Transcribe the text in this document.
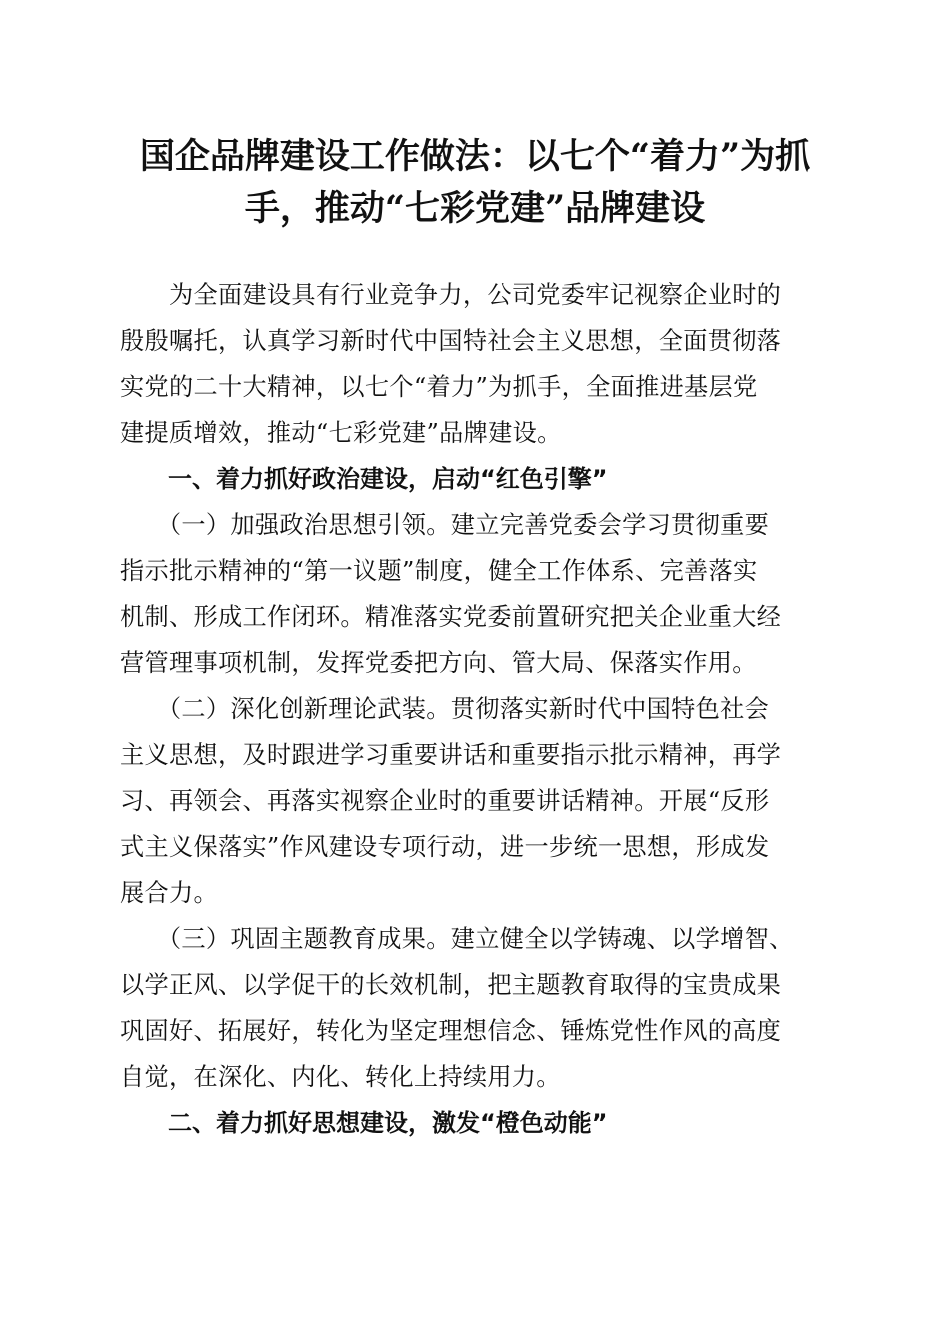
国企品牌建设工作做法：以七个“着力”为抓
手，推动“七彩党建”品牌建设
　　为全面建设具有行业竞争力，公司党委牢记视察企业时的
殷殷嘱托，认真学习新时代中国特社会主义思想，全面贯彻落
实党的二十大精神，以七个“着力”为抓手，全面推进基层党
建提质增效，推动“七彩党建”品牌建设。
一、着力抓好政治建设，启动“红色引擎”
　　（一）加强政治思想引领。建立完善党委会学习贯彻重要
指示批示精神的“第一议题”制度，健全工作体系、完善落实
机制、形成工作闭环。精准落实党委前置研究把关企业重大经
营管理事项机制，发挥党委把方向、管大局、保落实作用。
　　（二）深化创新理论武装。贯彻落实新时代中国特色社会
主义思想，及时跟进学习重要讲话和重要指示批示精神，再学
习、再领会、再落实视察企业时的重要讲话精神。开展“反形
式主义保落实”作风建设专项行动，进一步统一思想，形成发
展合力。
　　（三）巩固主题教育成果。建立健全以学铸魂、以学增智、
以学正风、以学促干的长效机制，把主题教育取得的宝贵成果
巩固好、拓展好，转化为坚定理想信念、锤炼党性作风的高度
自觉，在深化、内化、转化上持续用力。
二、着力抓好思想建设，激发“橙色动能”
